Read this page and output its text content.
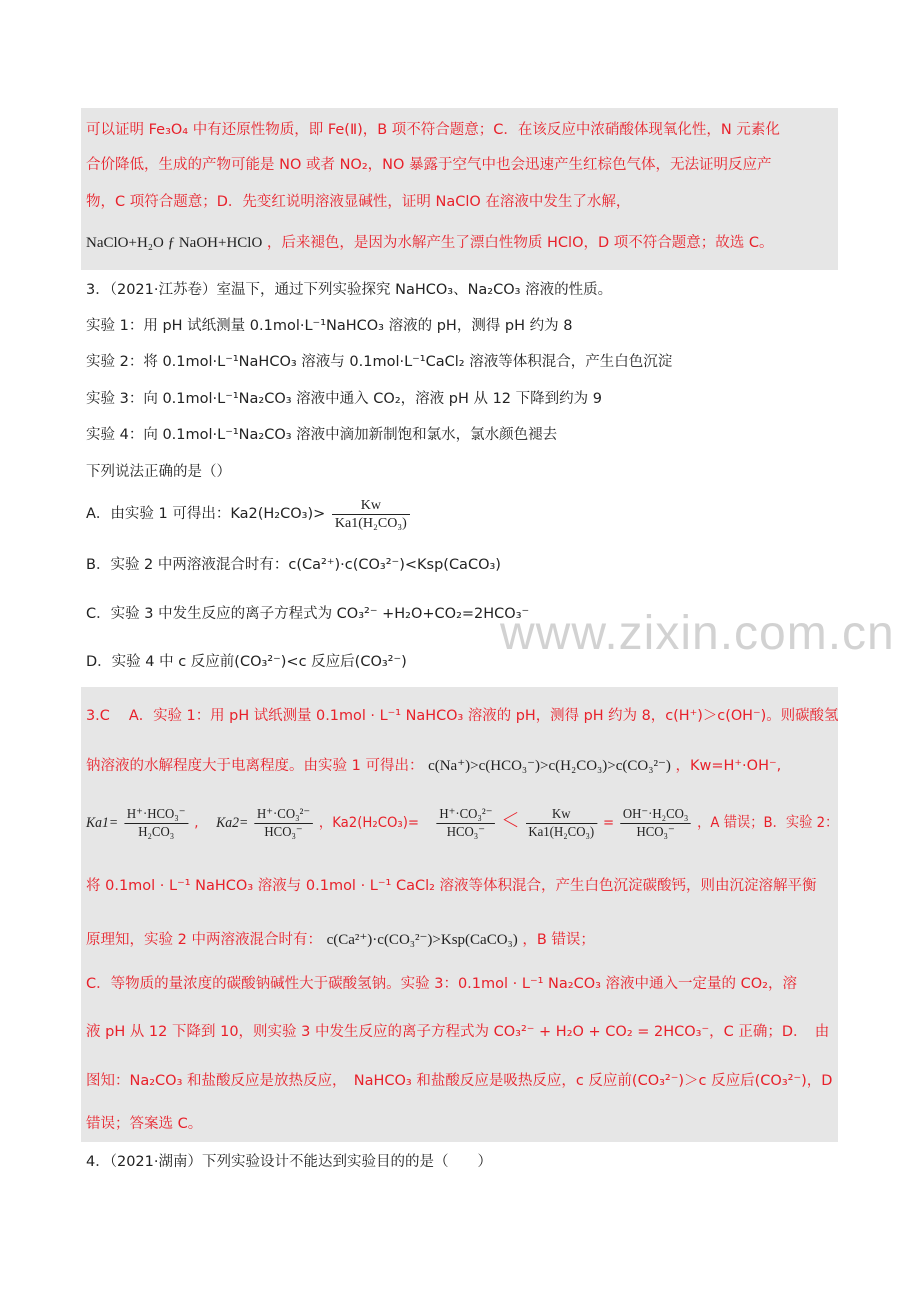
www.zixin.com.cn
可以证明 Fe₃O₄ 中有还原性物质，即 Fe(Ⅱ)，B 项不符合题意；C．在该反应中浓硝酸体现氧化性，N 元素化
合价降低，生成的产物可能是 NO 或者 NO₂，NO 暴露于空气中也会迅速产生红棕色气体，无法证明反应产
物，C 项符合题意；D．先变红说明溶液显碱性，证明 NaClO 在溶液中发生了水解，
NaClO+H₂O ƒ NaOH+HClO ，后来褪色，是因为水解产生了漂白性物质 HClO，D 项不符合题意；故选 C。
3．（2021·江苏卷）室温下，通过下列实验探究 NaHCO₃、Na₂CO₃ 溶液的性质。
实验 1：用 pH 试纸测量 0.1mol·L⁻¹NaHCO₃ 溶液的 pH，测得 pH 约为 8
实验 2：将 0.1mol·L⁻¹NaHCO₃ 溶液与 0.1mol·L⁻¹CaCl₂ 溶液等体积混合，产生白色沉淀
实验 3：向 0.1mol·L⁻¹Na₂CO₃ 溶液中通入 CO₂，溶液 pH 从 12 下降到约为 9
实验 4：向 0.1mol·L⁻¹Na₂CO₃ 溶液中滴加新制饱和氯水，氯水颜色褪去
下列说法正确的是（）
A．由实验 1 可得出：$Ka2(H_2CO_3)> \frac{Kw}{\text{Ka1(H₂CO₃)}}$
B．实验 2 中两溶液混合时有：c(Ca²⁺)·c(CO₃²⁻)<Ksp(CaCO₃)
C．实验 3 中发生反应的离子方程式为 CO₃²⁻ +H₂O+CO₂=2HCO₃⁻
D．实验 4 中 c 反应前(CO₃²⁻)<c 反应后(CO₃²⁻)
3.C　 A．实验 1：用 pH 试纸测量 0.1mol · L⁻¹ NaHCO₃ 溶液的 pH，测得 pH 约为 8，c(H⁺)＞c(OH⁻)。则碳酸氢
钠溶液的水解程度大于电离程度。由实验 1 可得出： c(Na⁺)>c(HCO₃⁻)>c(H₂CO₃)>c(CO₃²⁻) ，Kw=H⁺·OH⁻,
$Ka1= \frac{\text{H⁺·HCO₃⁻}}{\text{H₂CO₃}}$ , $Ka2= \frac{\text{H⁺·CO₃²⁻}}{\text{HCO₃⁻}}$ ，$Ka2(H_2CO_3)= \frac{\text{H⁺·CO₃²⁻}}{\text{HCO₃⁻}} < \frac{Kw}{\text{Ka1(H₂CO₃)}} = \frac{\text{OH⁻·H₂CO₃}}{\text{HCO₃⁻}}$ ，A 错误；B．实验 2：
将 0.1mol · L⁻¹ NaHCO₃ 溶液与 0.1mol · L⁻¹ CaCl₂ 溶液等体积混合，产生白色沉淀碳酸钙，则由沉淀溶解平衡
原理知，实验 2 中两溶液混合时有： c(Ca²⁺)·c(CO₃²⁻)>Ksp(CaCO₃) ，B 错误；
C．等物质的量浓度的碳酸钠碱性大于碳酸氢钠。实验 3：0.1mol · L⁻¹ Na₂CO₃ 溶液中通入一定量的 CO₂，溶
液 pH 从 12 下降到 10，则实验 3 中发生反应的离子方程式为 CO₃²⁻ + H₂O + CO₂ = 2HCO₃⁻，C 正确；D．　由
图知：Na₂CO₃ 和盐酸反应是放热反应，　NaHCO₃ 和盐酸反应是吸热反应，c 反应前(CO₃²⁻)＞c 反应后(CO₃²⁻)，D
错误；答案选 C。
4．（2021·湖南）下列实验设计不能达到实验目的的是（　　）
